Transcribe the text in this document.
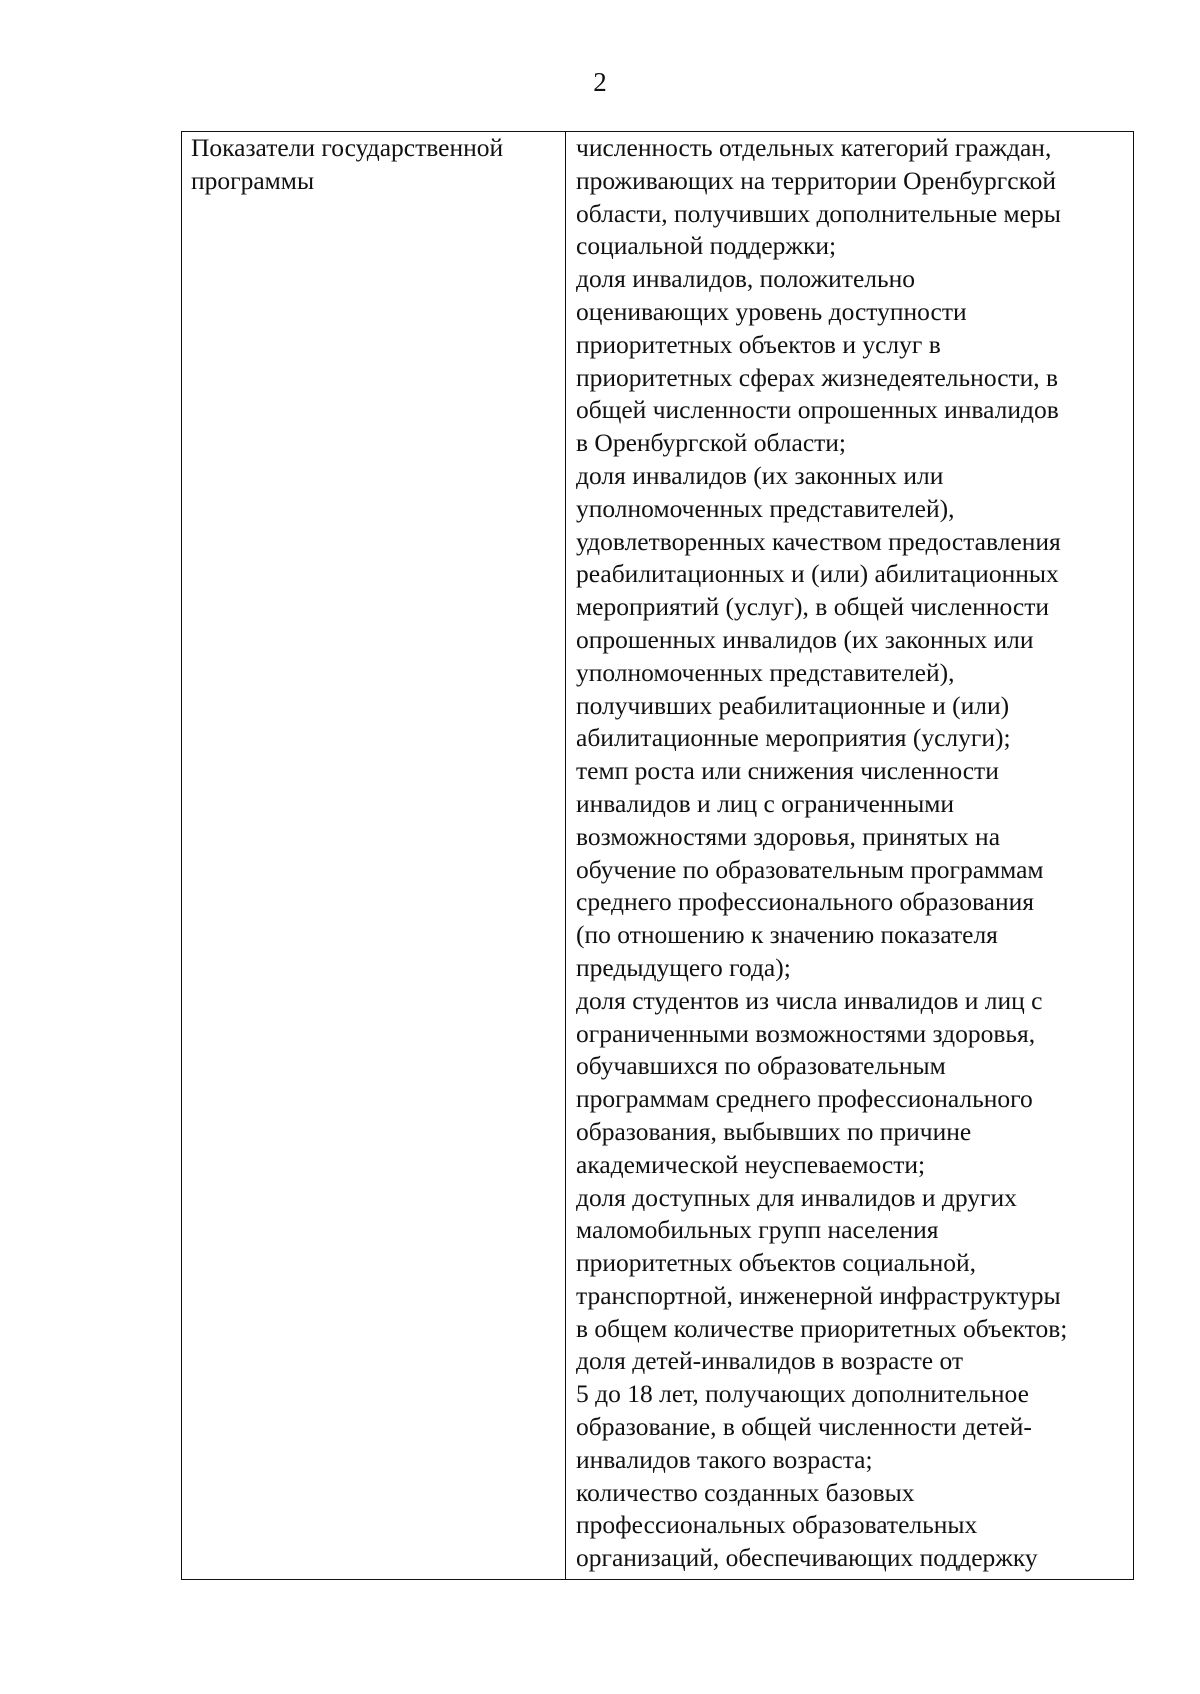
2
Показатели государственной
программы

численность отдельных категорий граждан,
проживающих на территории Оренбургской
области, получивших дополнительные меры
социальной поддержки;
доля инвалидов, положительно
оценивающих уровень доступности
приоритетных объектов и услуг в
приоритетных сферах жизнедеятельности, в
общей численности опрошенных инвалидов
в Оренбургской области;
доля инвалидов (их законных или
уполномоченных представителей),
удовлетворенных качеством предоставления
реабилитационных и (или) абилитационных
мероприятий (услуг), в общей численности
опрошенных инвалидов (их законных или
уполномоченных представителей),
получивших реабилитационные и (или)
абилитационные мероприятия (услуги);
темп роста или снижения численности
инвалидов и лиц с ограниченными
возможностями здоровья, принятых на
обучение по образовательным программам
среднего профессионального образования
(по отношению к значению показателя
предыдущего года);
доля студентов из числа инвалидов и лиц с
ограниченными возможностями здоровья,
обучавшихся по образовательным
программам среднего профессионального
образования, выбывших по причине
академической неуспеваемости;
доля доступных для инвалидов и других
маломобильных групп населения
приоритетных объектов социальной,
транспортной, инженерной инфраструктуры
в общем количестве приоритетных объектов;
доля детей-инвалидов в возрасте от
5 до 18 лет, получающих дополнительное
образование, в общей численности детей-
инвалидов такого возраста;
количество созданных базовых
профессиональных образовательных
организаций, обеспечивающих поддержку
